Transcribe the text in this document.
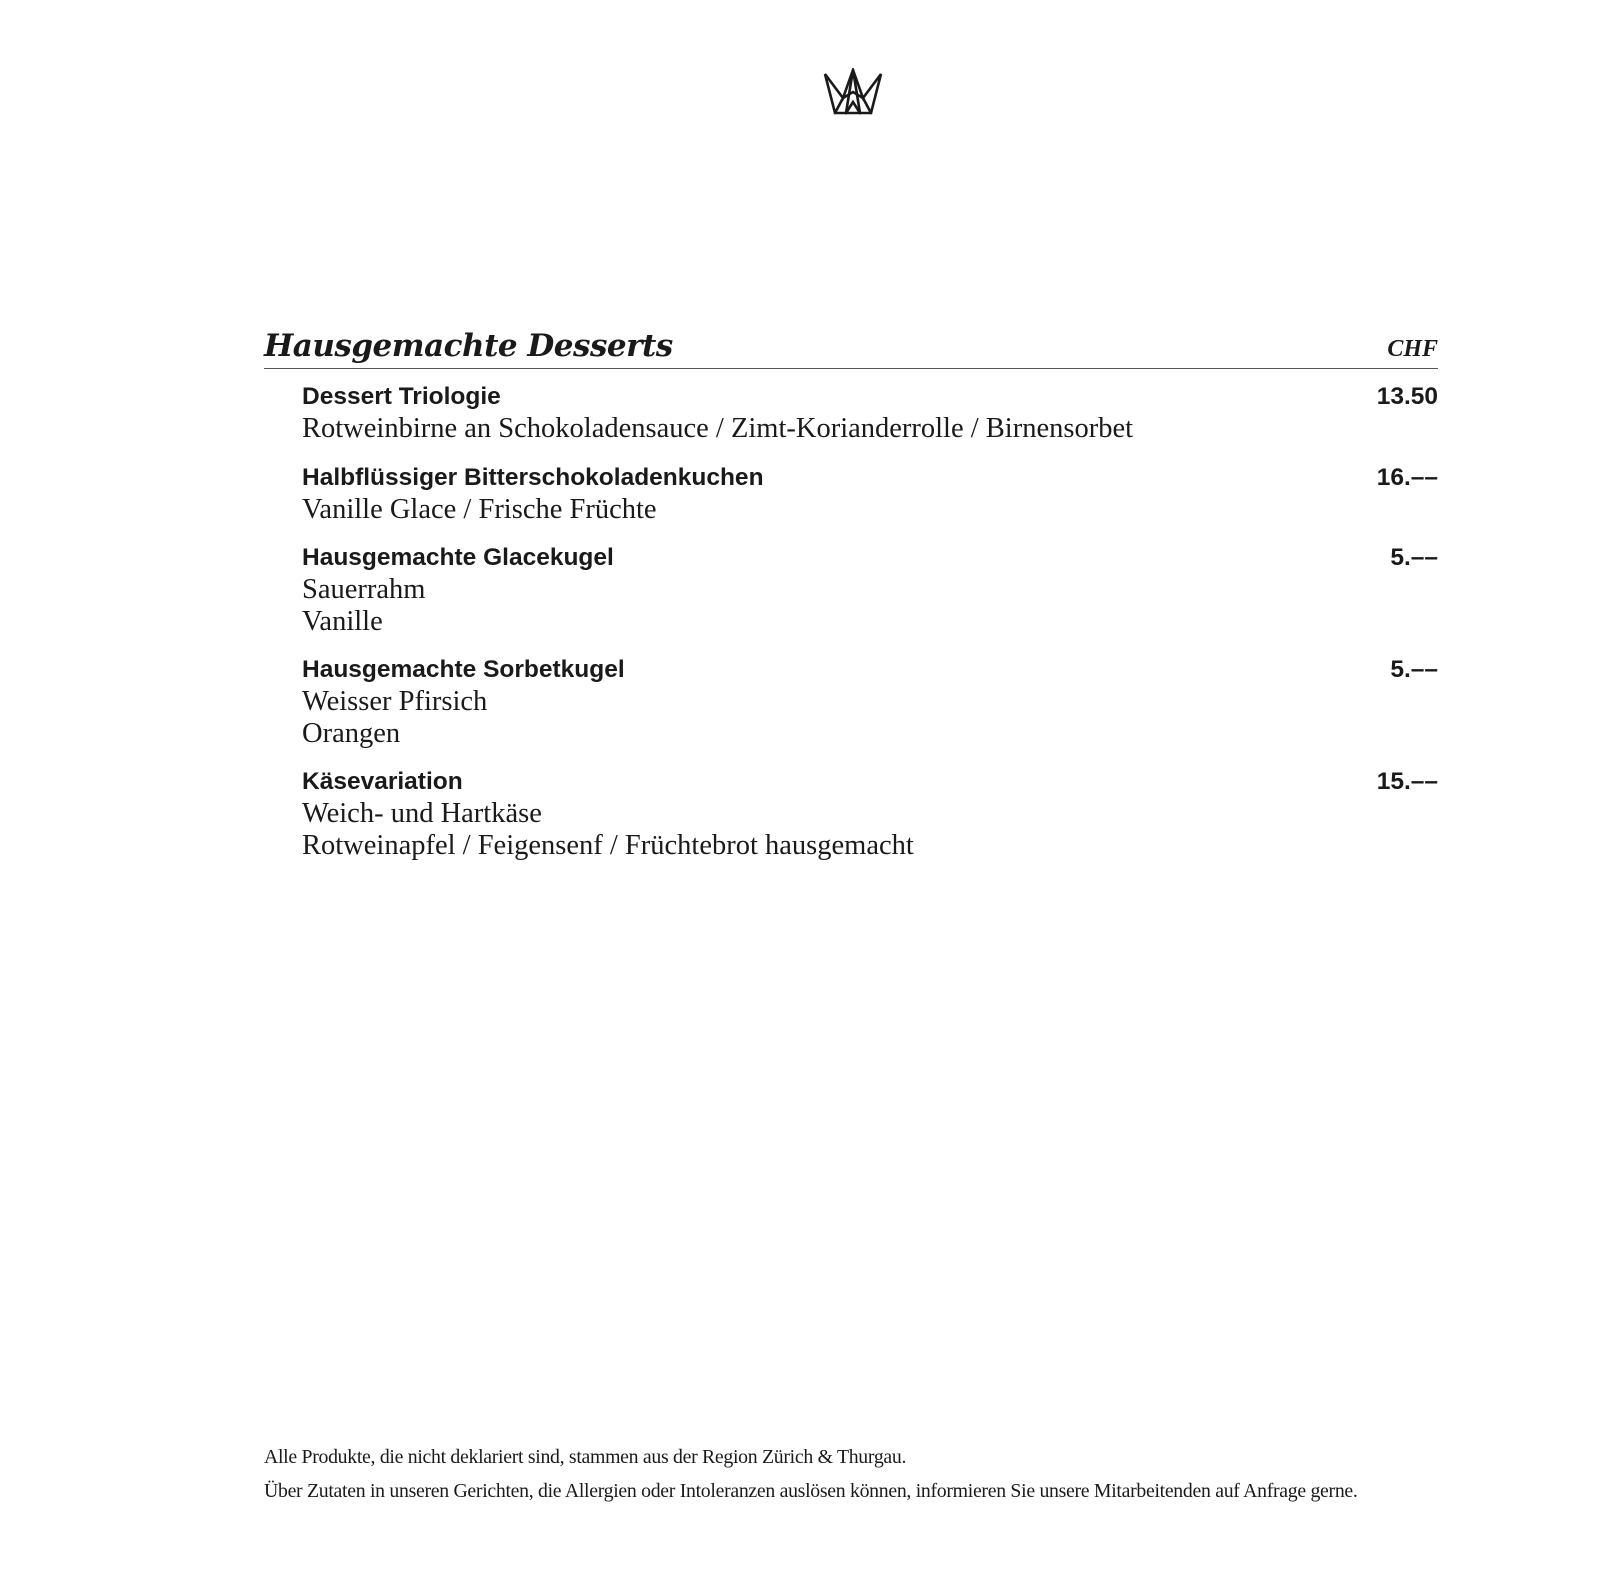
Hausgemachte Desserts	CHF
Dessert Triologie	13.50
Rotweinbirne an Schokoladensauce / Zimt-Korianderrolle / Birnensorbet
Halbflüssiger Bitterschokoladenkuchen	16.––
Vanille Glace / Frische Früchte
Hausgemachte Glacekugel	5.––
Sauerrahm
Vanille
Hausgemachte Sorbetkugel	5.––
Weisser Pfirsich
Orangen
Käsevariation	15.––
Weich- und Hartkäse
Rotweinapfel / Feigensenf / Früchtebrot hausgemacht
Alle Produkte, die nicht deklariert sind, stammen aus der Region Zürich & Thurgau.
Über Zutaten in unseren Gerichten, die Allergien oder Intoleranzen auslösen können, informieren Sie unsere Mitarbeitenden auf Anfrage gerne.
